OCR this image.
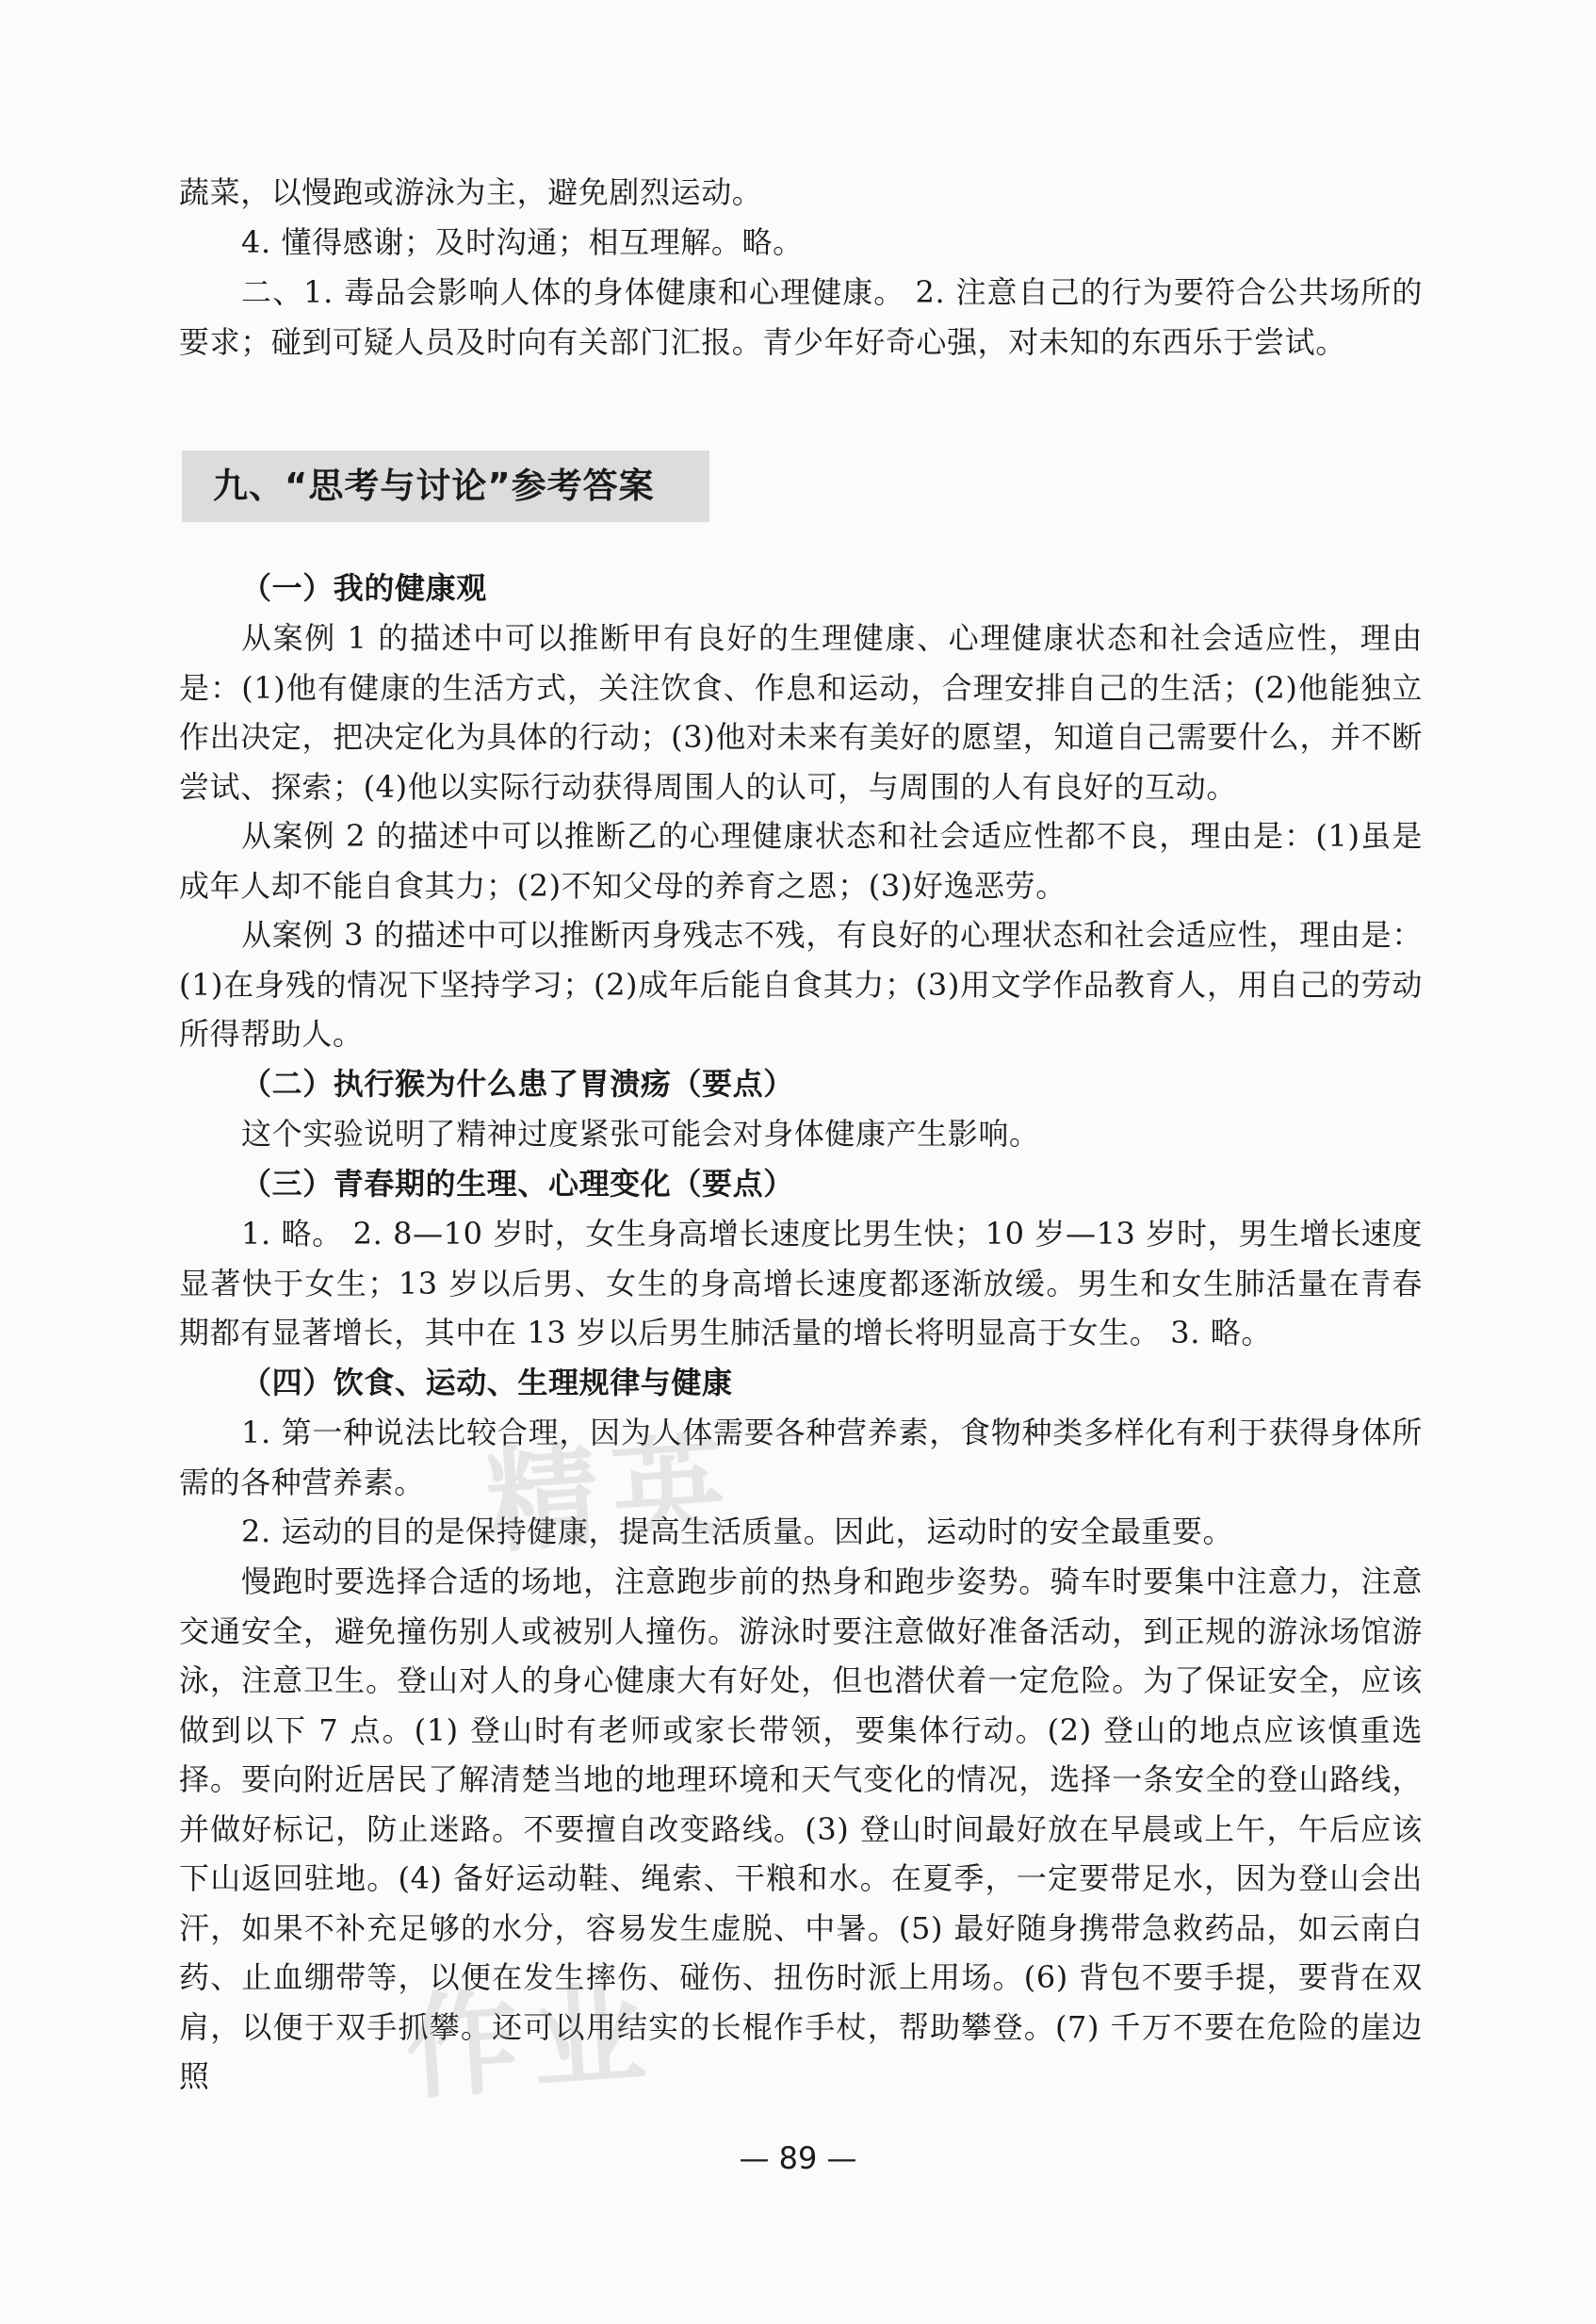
蔬菜，以慢跑或游泳为主，避免剧烈运动。

4. 懂得感谢；及时沟通；相互理解。略。

二、1. 毒品会影响人体的身体健康和心理健康。 2. 注意自己的行为要符合公共场所的要求；碰到可疑人员及时向有关部门汇报。青少年好奇心强，对未知的东西乐于尝试。

九、“思考与讨论”参考答案

（一）我的健康观

从案例 1 的描述中可以推断甲有良好的生理健康、心理健康状态和社会适应性，理由是：(1)他有健康的生活方式，关注饮食、作息和运动，合理安排自己的生活；(2)他能独立作出决定，把决定化为具体的行动；(3)他对未来有美好的愿望，知道自己需要什么，并不断尝试、探索；(4)他以实际行动获得周围人的认可，与周围的人有良好的互动。

从案例 2 的描述中可以推断乙的心理健康状态和社会适应性都不良，理由是：(1)虽是成年人却不能自食其力；(2)不知父母的养育之恩；(3)好逸恶劳。

从案例 3 的描述中可以推断丙身残志不残，有良好的心理状态和社会适应性，理由是：(1)在身残的情况下坚持学习；(2)成年后能自食其力；(3)用文学作品教育人，用自己的劳动所得帮助人。

（二）执行猴为什么患了胃溃疡（要点）

这个实验说明了精神过度紧张可能会对身体健康产生影响。

（三）青春期的生理、心理变化（要点）

1. 略。 2. 8—10 岁时，女生身高增长速度比男生快；10 岁—13 岁时，男生增长速度显著快于女生；13 岁以后男、女生的身高增长速度都逐渐放缓。男生和女生肺活量在青春期都有显著增长，其中在 13 岁以后男生肺活量的增长将明显高于女生。 3. 略。

（四）饮食、运动、生理规律与健康

1. 第一种说法比较合理，因为人体需要各种营养素，食物种类多样化有利于获得身体所需的各种营养素。

2. 运动的目的是保持健康，提高生活质量。因此，运动时的安全最重要。

慢跑时要选择合适的场地，注意跑步前的热身和跑步姿势。骑车时要集中注意力，注意交通安全，避免撞伤别人或被别人撞伤。游泳时要注意做好准备活动，到正规的游泳场馆游泳，注意卫生。登山对人的身心健康大有好处，但也潜伏着一定危险。为了保证安全，应该做到以下 7 点。(1) 登山时有老师或家长带领，要集体行动。(2) 登山的地点应该慎重选择。要向附近居民了解清楚当地的地理环境和天气变化的情况，选择一条安全的登山路线，并做好标记，防止迷路。不要擅自改变路线。(3) 登山时间最好放在早晨或上午，午后应该下山返回驻地。(4) 备好运动鞋、绳索、干粮和水。在夏季，一定要带足水，因为登山会出汗，如果不补充足够的水分，容易发生虚脱、中暑。(5) 最好随身携带急救药品，如云南白药、止血绷带等，以便在发生摔伤、碰伤、扭伤时派上用场。(6) 背包不要手提，要背在双肩，以便于双手抓攀。还可以用结实的长棍作手杖，帮助攀登。(7) 千万不要在危险的崖边照

精英
作业
— 89 —
